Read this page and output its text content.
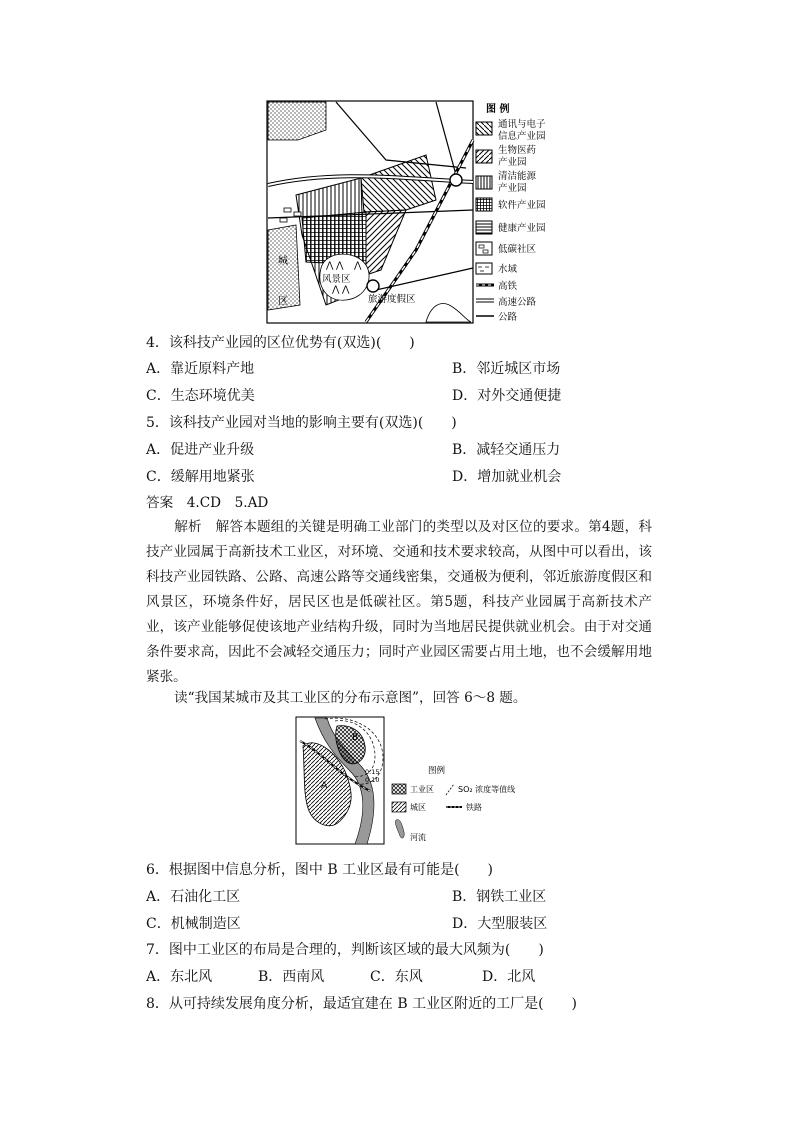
⋀ ⋀ ⋀
⋀ ⋀
城
区
风景区
旅游度假区
图 例
通讯与电子
信息产业园
生物医药
产业园
清洁能源
产业园
软件产业园
健康产业园
低碳社区
水域
高铁
高速公路
公路
4．该科技产业园的区位优势有(双选)(　　)
A．靠近原料产地	B．邻近城区市场
C．生态环境优美	D．对外交通便捷
5．该科技产业园对当地的影响主要有(双选)(　　)
A．促进产业升级	B．减轻交通压力
C．缓解用地紧张	D．增加就业机会
答案　4.CD　5.AD
解析　解答本题组的关键是明确工业部门的类型以及对区位的要求。第4题，科技产业园属于高新技术工业区，对环境、交通和技术要求较高，从图中可以看出，该科技产业园铁路、公路、高速公路等交通线密集，交通极为便利，邻近旅游度假区和风景区，环境条件好，居民区也是低碳社区。第5题，科技产业园属于高新技术产业，该产业能够促使该地产业结构升级，同时为当地居民提供就业机会。由于对交通条件要求高，因此不会减轻交通压力；同时产业园区需要占用土地，也不会缓解用地紧张。
读“我国某城市及其工业区的分布示意图”，回答 6～8 题。
A
B
0.15
0.10
图例
工业区	SO₂ 浓度等值线
城区	铁路
河流
6．根据图中信息分析，图中 B 工业区最有可能是(　　)
A．石油化工区	B．钢铁工业区
C．机械制造区	D．大型服装区
7．图中工业区的布局是合理的，判断该区域的最大风频为(　　)
A．东北风	B．西南风	C．东风	D．北风
8．从可持续发展角度分析，最适宜建在 B 工业区附近的工厂是(　　)
